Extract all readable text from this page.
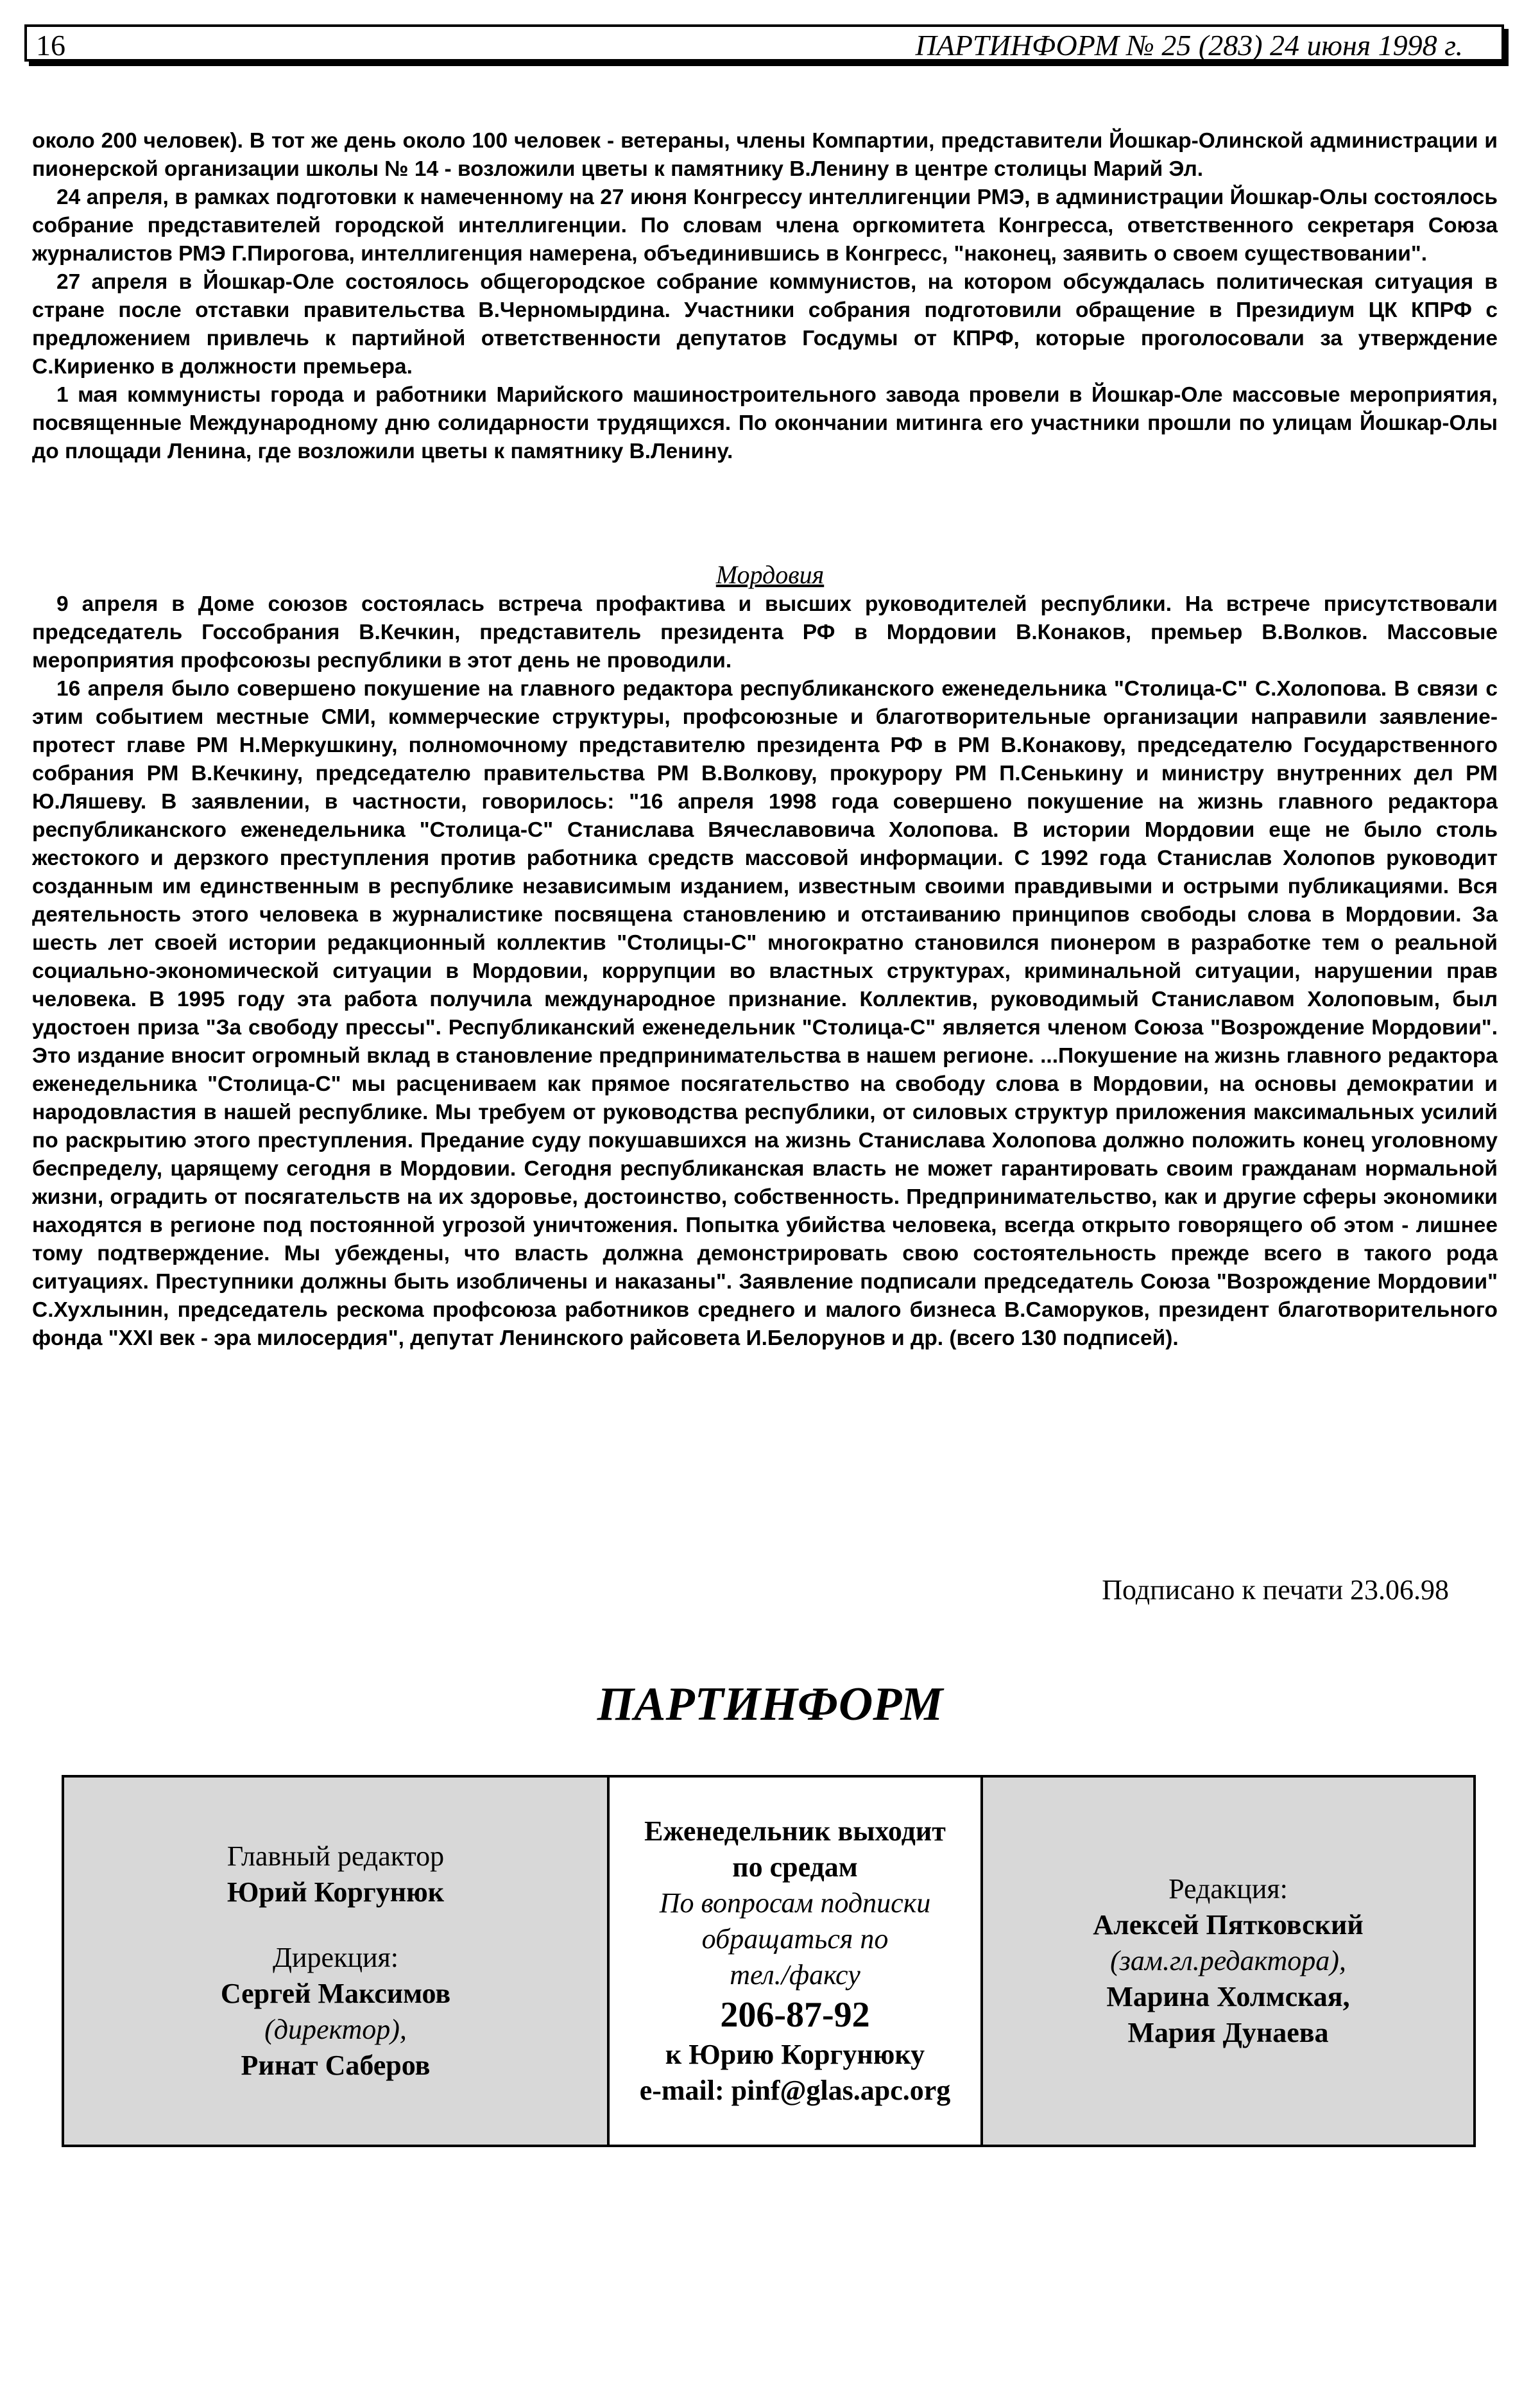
16	ПАРТИНФОРМ № 25 (283) 24 июня 1998 г.

около 200 человек). В тот же день около 100 человек - ветераны, члены Компартии, представители Йошкар-Олинской администрации и пионерской организации школы № 14 - возложили цветы к памятнику В.Ленину в центре столицы Марий Эл.

24 апреля, в рамках подготовки к намеченному на 27 июня Конгрессу интеллигенции РМЭ, в администрации Йошкар-Олы состоялось собрание представителей городской интеллигенции. По словам члена оргкомитета Конгресса, ответственного секретаря Союза журналистов РМЭ Г.Пирогова, интеллигенция намерена, объединившись в Конгресс, "наконец, заявить о своем существовании".

27 апреля в Йошкар-Оле состоялось общегородское собрание коммунистов, на котором обсуждалась политическая ситуация в стране после отставки правительства В.Черномырдина. Участники собрания подготовили обращение в Президиум ЦК КПРФ с предложением привлечь к партийной ответственности депутатов Госдумы от КПРФ, которые проголосовали за утверждение С.Кириенко в должности премьера.

1 мая коммунисты города и работники Марийского машиностроительного завода провели в Йошкар-Оле массовые мероприятия, посвященные Международному дню солидарности трудящихся. По окончании митинга его участники прошли по улицам Йошкар-Олы до площади Ленина, где возложили цветы к памятнику В.Ленину.

Мордовия

9 апреля в Доме союзов состоялась встреча профактива и высших руководителей республики. На встрече присутствовали председатель Госсобрания В.Кечкин, представитель президента РФ в Мордовии В.Конаков, премьер В.Волков. Массовые мероприятия профсоюзы республики в этот день не проводили.

16 апреля было совершено покушение на главного редактора республиканского еженедельника "Столица-С" С.Холопова. В связи с этим событием местные СМИ, коммерческие структуры, профсоюзные и благотворительные организации направили заявление-протест главе РМ Н.Меркушкину, полномочному представителю президента РФ в РМ В.Конакову, председателю Государственного собрания РМ В.Кечкину, председателю правительства РМ В.Волкову, прокурору РМ П.Сенькину и министру внутренних дел РМ Ю.Ляшеву. В заявлении, в частности, говорилось: "16 апреля 1998 года совершено покушение на жизнь главного редактора республиканского еженедельника "Столица-С" Станислава Вячеславовича Холопова. В истории Мордовии еще не было столь жестокого и дерзкого преступления против работника средств массовой информации. С 1992 года Станислав Холопов руководит созданным им единственным в республике независимым изданием, известным своими правдивыми и острыми публикациями. Вся деятельность этого человека в журналистике посвящена становлению и отстаиванию принципов свободы слова в Мордовии. За шесть лет своей истории редакционный коллектив "Столицы-С" многократно становился пионером в разработке тем о реальной социально-экономической ситуации в Мордовии, коррупции во властных структурах, криминальной ситуации, нарушении прав человека. В 1995 году эта работа получила международное признание. Коллектив, руководимый Станиславом Холоповым, был удостоен приза "За свободу прессы". Республиканский еженедельник "Столица-С" является членом Союза "Возрождение Мордовии". Это издание вносит огромный вклад в становление предпринимательства в нашем регионе. ...Покушение на жизнь главного редактора еженедельника "Столица-С" мы расцениваем как прямое посягательство на свободу слова в Мордовии, на основы демократии и народовластия в нашей республике. Мы требуем от руководства республики, от силовых структур приложения максимальных усилий по раскрытию этого преступления. Предание суду покушавшихся на жизнь Станислава Холопова должно положить конец уголовному беспределу, царящему сегодня в Мордовии. Сегодня республиканская власть не может гарантировать своим гражданам нормальной жизни, оградить от посягательств на их здоровье, достоинство, собственность. Предпринимательство, как и другие сферы экономики находятся в регионе под постоянной угрозой уничтожения. Попытка убийства человека, всегда открыто говорящего об этом - лишнее тому подтверждение. Мы убеждены, что власть должна демонстрировать свою состоятельность прежде всего в такого рода ситуациях. Преступники должны быть изобличены и наказаны". Заявление подписали председатель Союза "Возрождение Мордовии" С.Хухлынин, председатель рескома профсоюза работников среднего и малого бизнеса В.Саморуков, президент благотворительного фонда "XXI век - эра милосердия", депутат Ленинского райсовета И.Белорунов и др. (всего 130 подписей).

Подписано к печати 23.06.98
ПАРТИНФОРМ
Главный редактор
Юрий Коргунюк
Дирекция:
Сергей Максимов
(директор),
Ринат Саберов
Еженедельник выходит
по средам
По вопросам подписки
обращаться по
тел./факсу
206-87-92
к Юрию Коргунюку
e-mail: pinf@glas.apc.org
Редакция:
Алексей Пятковский
(зам.гл.редактора),
Марина Холмская,
Мария Дунаева
